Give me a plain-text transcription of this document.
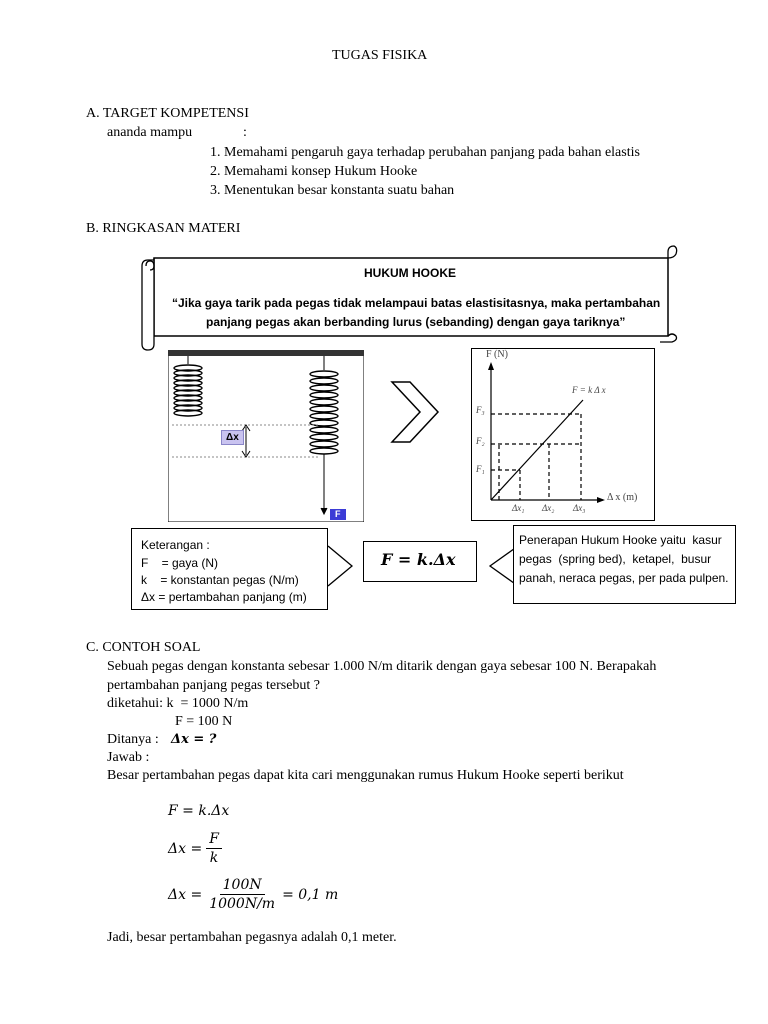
TUGAS FISIKA
A. TARGET KOMPETENSI
ananda mampu	:
1. Memahami pengaruh gaya terhadap perubahan panjang pada bahan elastis
2. Memahami konsep Hukum Hooke
3. Menentukan besar konstanta suatu bahan
B. RINGKASAN MATERI
HUKUM HOOKE
“Jika gaya tarik pada pegas tidak melampaui batas elastisitasnya, maka pertambahan
panjang pegas akan berbanding lurus (sebanding) dengan gaya tariknya”
Δx
F
F (N)
Δ x (m)
F = k Δ x
F₃
F₂
F₁
Δx₁ Δx₂ Δx₃
Keterangan :
F    = gaya (N)
k    = konstantan pegas (N/m)
Δx = pertambahan panjang (m)
F = k.Δx
Penerapan Hukum Hooke yaitu  kasur
pegas  (spring bed),  ketapel,  busur
panah, neraca pegas, per pada pulpen.
C. CONTOH SOAL
Sebuah pegas dengan konstanta sebesar 1.000 N/m ditarik dengan gaya sebesar 100 N. Berapakah
pertambahan panjang pegas tersebut ?
diketahui: k  = 1000 N/m
F = 100 N
Ditanya : Δx = ?
Jawab :
Besar pertambahan pegas dapat kita cari menggunakan rumus Hukum Hooke seperti berikut
F = k.Δx
$\Delta x = \frac{F}{k}$
$\Delta x = \frac{100N}{1000N/m} = 0,1$ m
Jadi, besar pertambahan pegasnya adalah 0,1 meter.
